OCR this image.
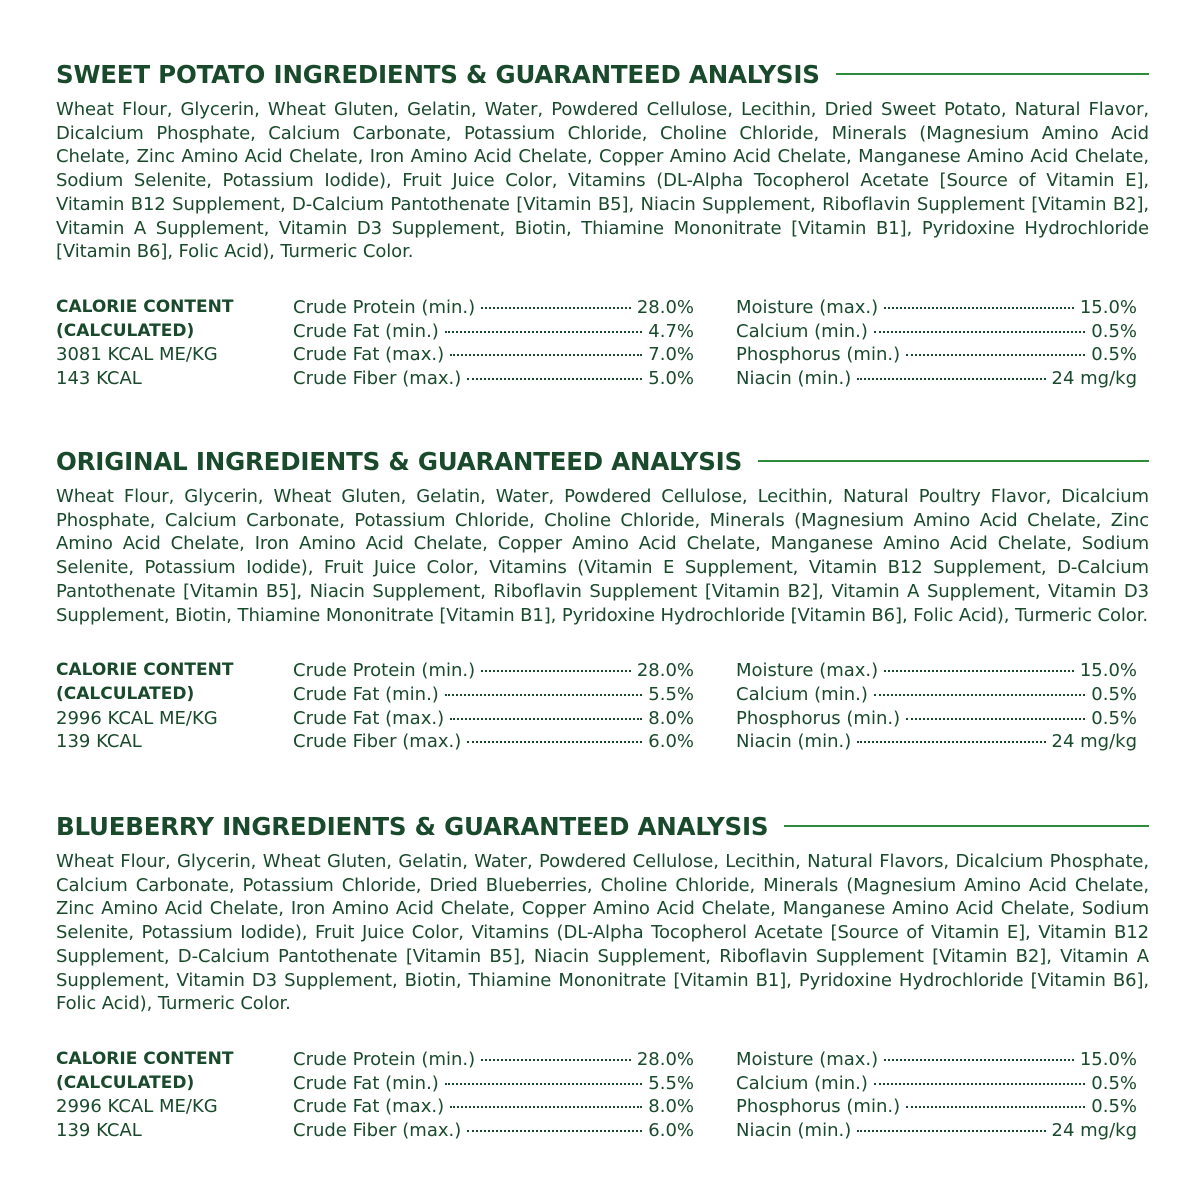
SWEET POTATO INGREDIENTS & GUARANTEED ANALYSIS
Wheat Flour, Glycerin, Wheat Gluten, Gelatin, Water, Powdered Cellulose, Lecithin, Dried Sweet Potato, Natural Flavor, Dicalcium Phosphate, Calcium Carbonate, Potassium Chloride, Choline Chloride, Minerals (Magnesium Amino Acid Chelate, Zinc Amino Acid Chelate, Iron Amino Acid Chelate, Copper Amino Acid Chelate, Manganese Amino Acid Chelate, Sodium Selenite, Potassium Iodide), Fruit Juice Color, Vitamins (DL-Alpha Tocopherol Acetate [Source of Vitamin E], Vitamin B12 Supplement, D-Calcium Pantothenate [Vitamin B5], Niacin Supplement, Riboflavin Supplement [Vitamin B2], Vitamin A Supplement, Vitamin D3 Supplement, Biotin, Thiamine Mononitrate [Vitamin B1], Pyridoxine Hydrochloride [Vitamin B6], Folic Acid), Turmeric Color.
CALORIE CONTENT
(CALCULATED)
3081 KCAL ME/KG
143 KCAL
Crude Protein (min.)	28.0%
Crude Fat (min.)	4.7%
Crude Fat (max.)	7.0%
Crude Fiber (max.)	5.0%
Moisture (max.)	15.0%
Calcium (min.)	0.5%
Phosphorus (min.)	0.5%
Niacin (min.)	24 mg/kg
ORIGINAL INGREDIENTS & GUARANTEED ANALYSIS
Wheat Flour, Glycerin, Wheat Gluten, Gelatin, Water, Powdered Cellulose, Lecithin, Natural Poultry Flavor, Dicalcium Phosphate, Calcium Carbonate, Potassium Chloride, Choline Chloride, Minerals (Magnesium Amino Acid Chelate, Zinc Amino Acid Chelate, Iron Amino Acid Chelate, Copper Amino Acid Chelate, Manganese Amino Acid Chelate, Sodium Selenite, Potassium Iodide), Fruit Juice Color, Vitamins (Vitamin E Supplement, Vitamin B12 Supplement, D-Calcium Pantothenate [Vitamin B5], Niacin Supplement, Riboflavin Supplement [Vitamin B2], Vitamin A Supplement, Vitamin D3 Supplement, Biotin, Thiamine Mononitrate [Vitamin B1], Pyridoxine Hydrochloride [Vitamin B6], Folic Acid), Turmeric Color.
CALORIE CONTENT
(CALCULATED)
2996 KCAL ME/KG
139 KCAL
Crude Protein (min.)	28.0%
Crude Fat (min.)	5.5%
Crude Fat (max.)	8.0%
Crude Fiber (max.)	6.0%
Moisture (max.)	15.0%
Calcium (min.)	0.5%
Phosphorus (min.)	0.5%
Niacin (min.)	24 mg/kg
BLUEBERRY INGREDIENTS & GUARANTEED ANALYSIS
Wheat Flour, Glycerin, Wheat Gluten, Gelatin, Water, Powdered Cellulose, Lecithin, Natural Flavors, Dicalcium Phosphate, Calcium Carbonate, Potassium Chloride, Dried Blueberries, Choline Chloride, Minerals (Magnesium Amino Acid Chelate, Zinc Amino Acid Chelate, Iron Amino Acid Chelate, Copper Amino Acid Chelate, Manganese Amino Acid Chelate, Sodium Selenite, Potassium Iodide), Fruit Juice Color, Vitamins (DL-Alpha Tocopherol Acetate [Source of Vitamin E], Vitamin B12 Supplement, D-Calcium Pantothenate [Vitamin B5], Niacin Supplement, Riboflavin Supplement [Vitamin B2], Vitamin A Supplement, Vitamin D3 Supplement, Biotin, Thiamine Mononitrate [Vitamin B1], Pyridoxine Hydrochloride [Vitamin B6], Folic Acid), Turmeric Color.
CALORIE CONTENT
(CALCULATED)
2996 KCAL ME/KG
139 KCAL
Crude Protein (min.)	28.0%
Crude Fat (min.)	5.5%
Crude Fat (max.)	8.0%
Crude Fiber (max.)	6.0%
Moisture (max.)	15.0%
Calcium (min.)	0.5%
Phosphorus (min.)	0.5%
Niacin (min.)	24 mg/kg
